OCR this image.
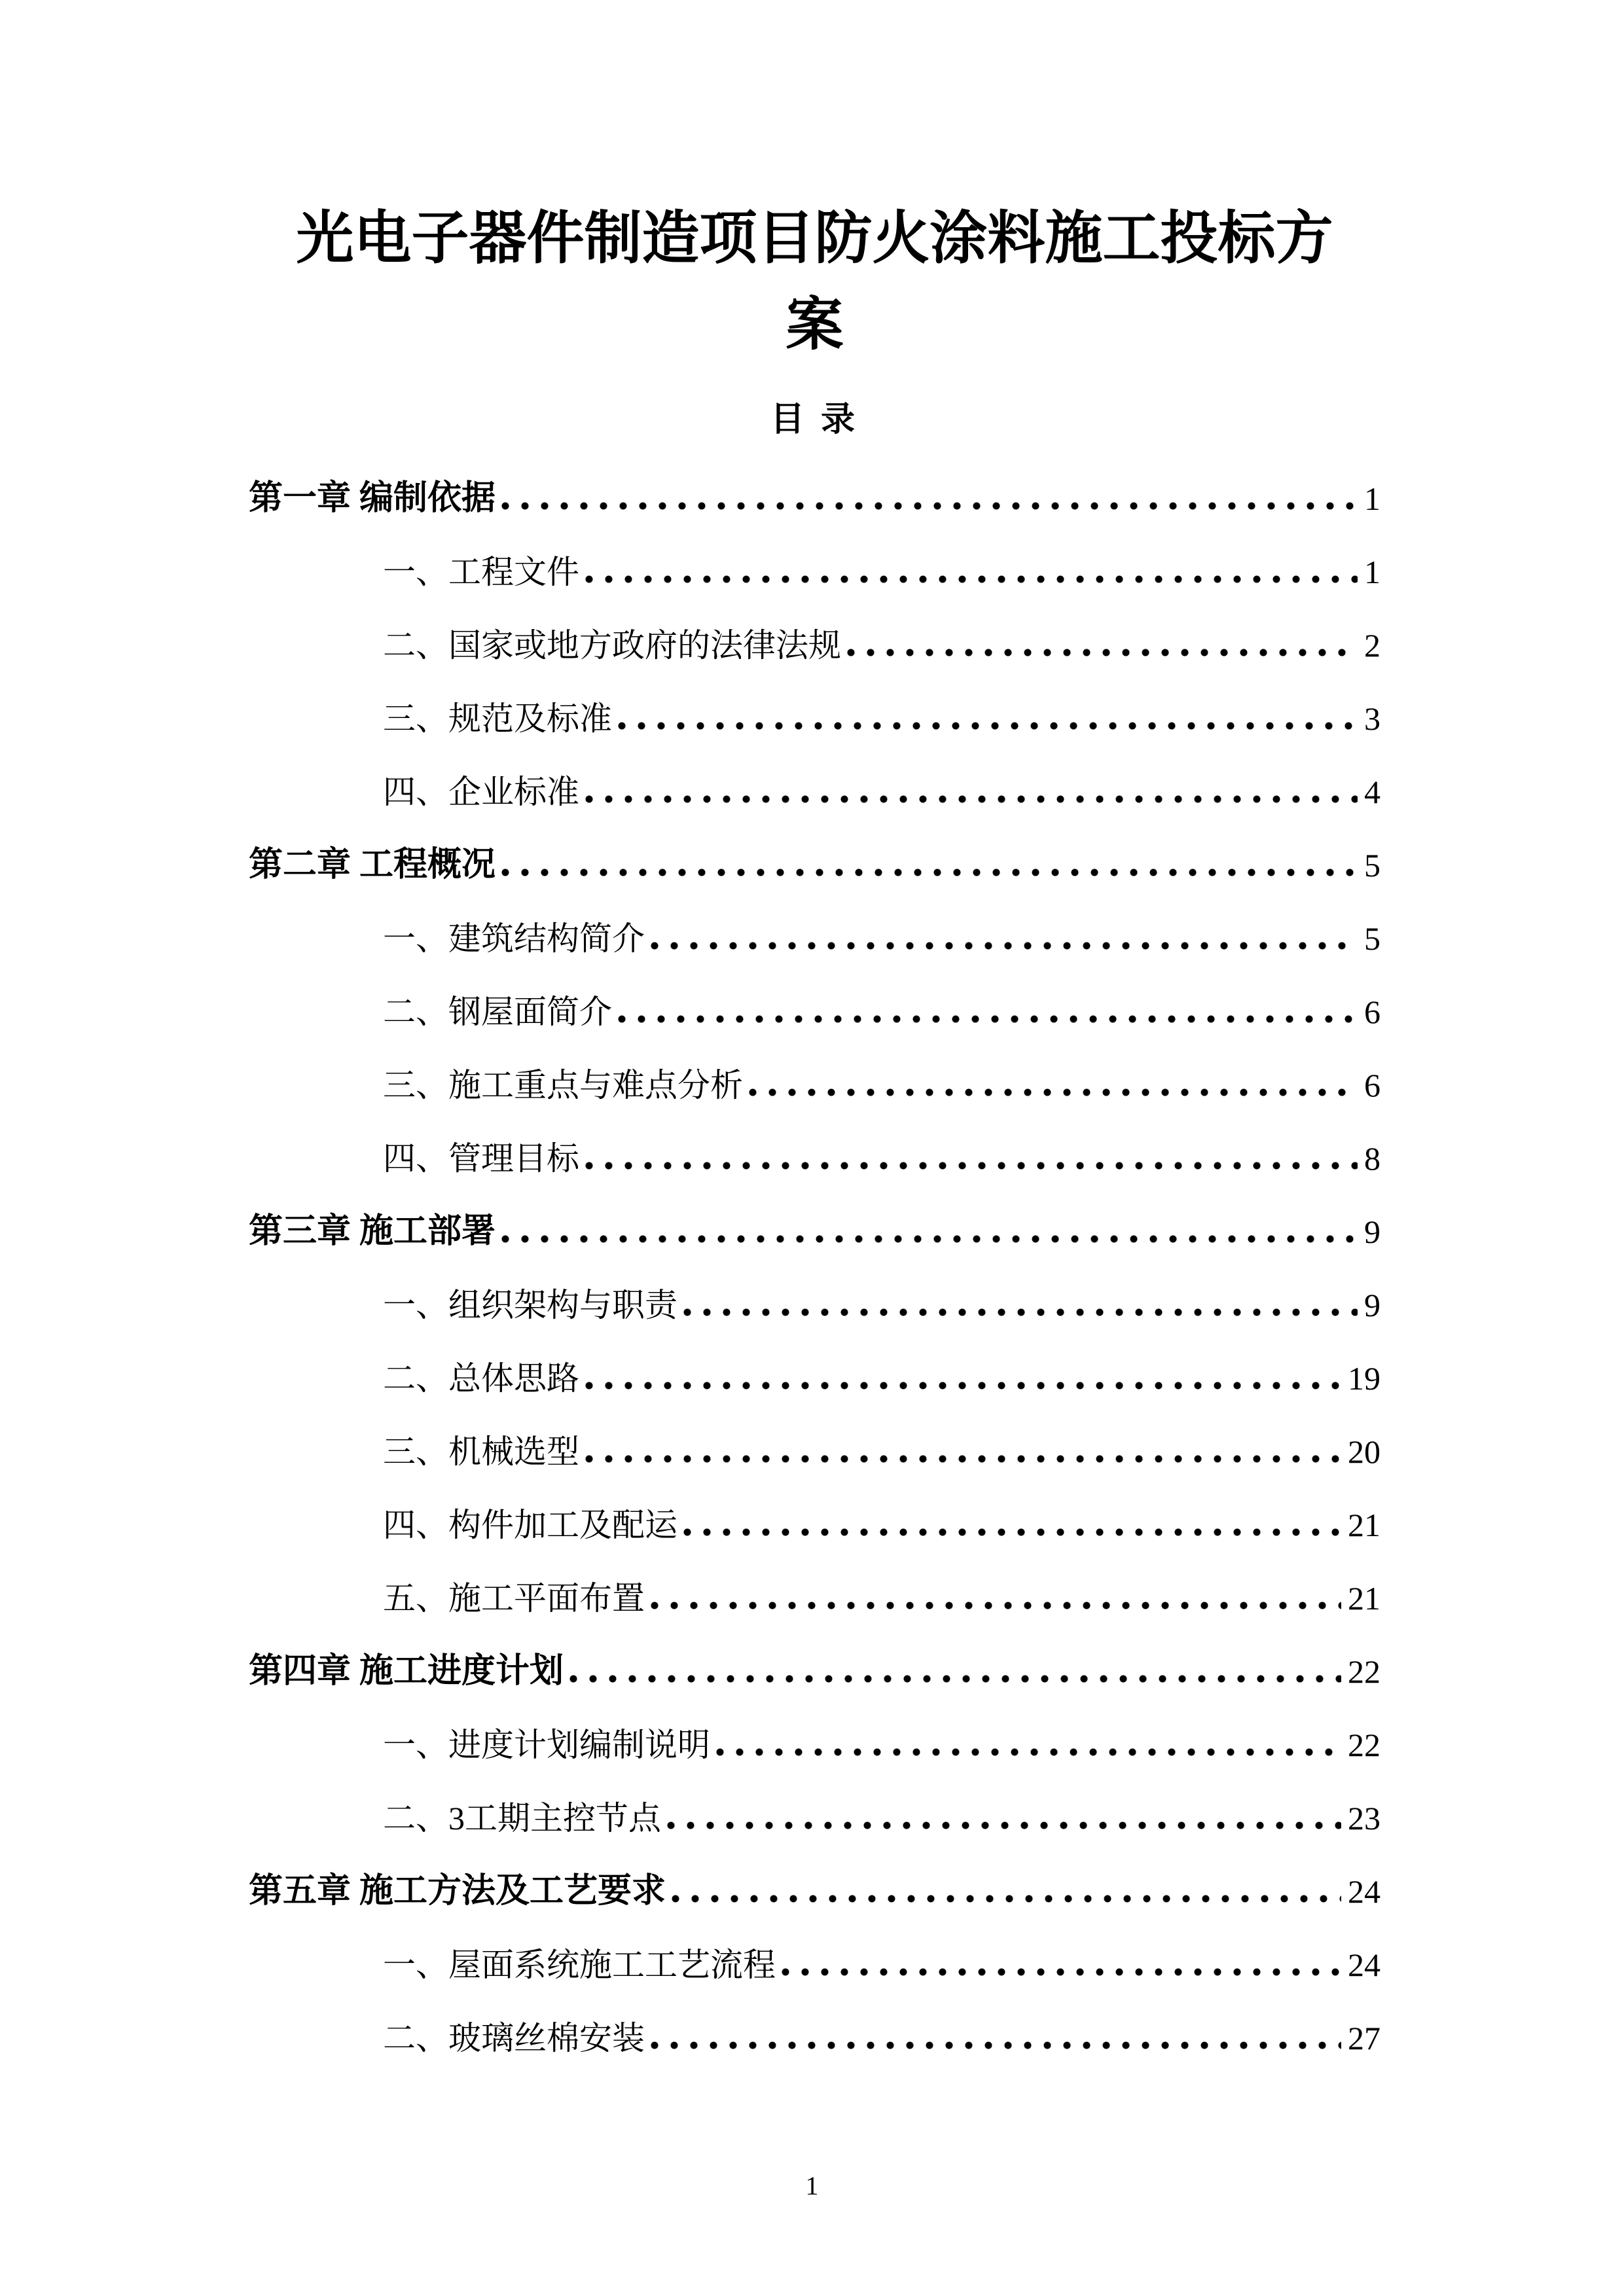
光电子器件制造项目防火涂料施工投标方
案
目 录
第一章 编制依据	1
一、工程文件	1
二、国家或地方政府的法律法规	2
三、规范及标准	3
四、企业标准	4
第二章 工程概况	5
一、建筑结构简介	5
二、钢屋面简介	6
三、施工重点与难点分析	6
四、管理目标	8
第三章 施工部署	9
一、组织架构与职责	9
二、总体思路	19
三、机械选型	20
四、构件加工及配运	21
五、施工平面布置	21
第四章 施工进度计划	22
一、进度计划编制说明	22
二、3工期主控节点	23
第五章 施工方法及工艺要求	24
一、屋面系统施工工艺流程	24
二、玻璃丝棉安装	27
1
